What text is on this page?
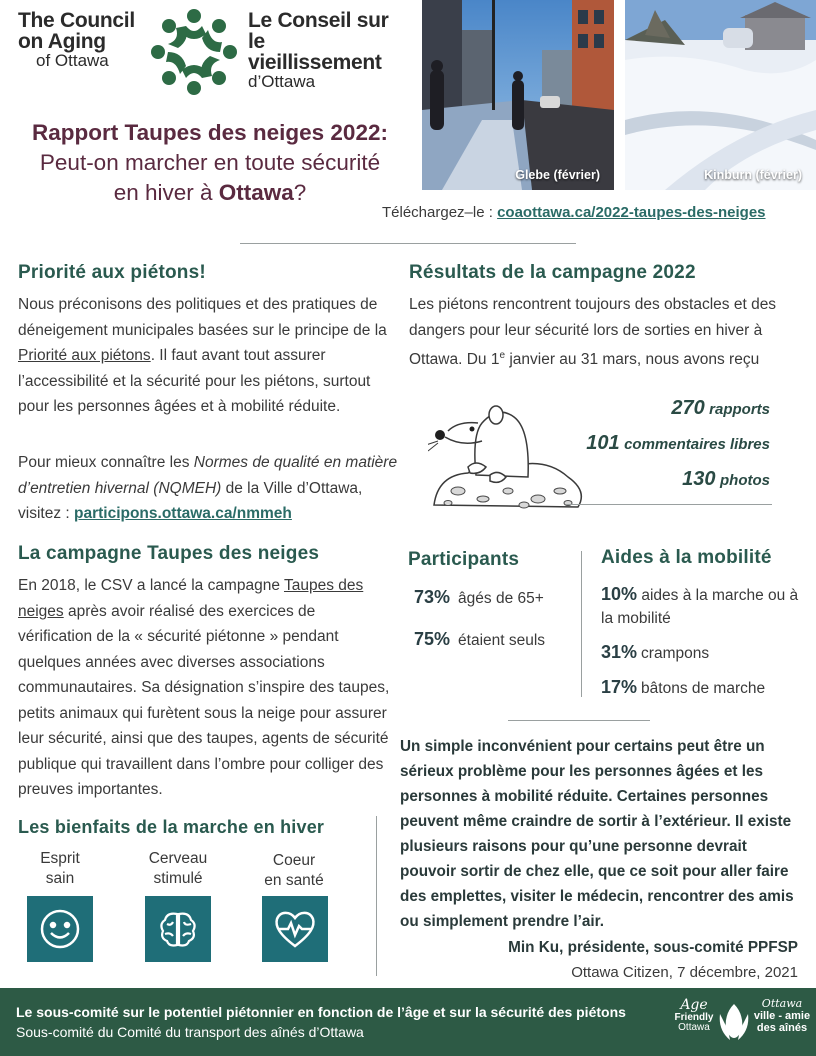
The Council
on Aging
of Ottawa
Le Conseil sur
le vieillissement
d’Ottawa
Glebe (février)	Kinburn (février)
Rapport Taupes des neiges 2022:
Peut-on marcher en toute sécurité
en hiver à Ottawa?
Téléchargez–le : coaottawa.ca/2022-taupes-des-neiges
Priorité aux piétons!
Nous préconisons des politiques et des pratiques de déneigement municipales basées sur le principe de la Priorité aux piétons. Il faut avant tout assurer l’accessibilité et la sécurité pour les piétons, surtout pour les personnes âgées et à mobilité réduite.
Pour mieux connaître les Normes de qualité en matière d’entretien hivernal (NQMEH) de la Ville d’Ottawa, visitez : participons.ottawa.ca/nmmeh
La campagne Taupes des neiges
En 2018, le CSV a lancé la campagne Taupes des neiges après avoir réalisé des exercices de vérification de la « sécurité piétonne » pendant quelques années avec diverses associations communautaires. Sa désignation s’inspire des taupes, petits animaux qui furètent sous la neige pour assurer leur sécurité, ainsi que des taupes, agents de sécurité publique qui travaillent dans l’ombre pour colliger des preuves importantes.
Les bienfaits de la marche en hiver
Esprit
sain
Cerveau
stimulé
Coeur
en santé
Résultats de la campagne 2022
Les piétons rencontrent toujours des obstacles et des dangers pour leur sécurité lors de sorties en hiver à Ottawa. Du 1e janvier au 31 mars, nous avons reçu
270 rapports
101 commentaires libres
130 photos
Participants
73% âgés de 65+
75% étaient seuls
Aides à la mobilité
10% aides à la marche ou à la mobilité
31% crampons
17% bâtons de marche
Un simple inconvénient pour certains peut être un sérieux problème pour les personnes âgées et les personnes à mobilité réduite. Certaines personnes peuvent même craindre de sortir à l’extérieur. Il existe plusieurs raisons pour qu’une personne devrait pouvoir sortir de chez elle, que ce soit pour aller faire des emplettes, visiter le médecin, rencontrer des amis ou simplement prendre l’air.
Min Ku, présidente, sous-comité PPFSP
Ottawa Citizen, 7 décembre, 2021
Le sous-comité sur le potentiel piétonnier en fonction de l’âge et sur la sécurité des piétons
Sous-comité du Comité du transport des aînés d’Ottawa
Age
Friendly
Ottawa
Ottawa
ville - amie
des aînés
